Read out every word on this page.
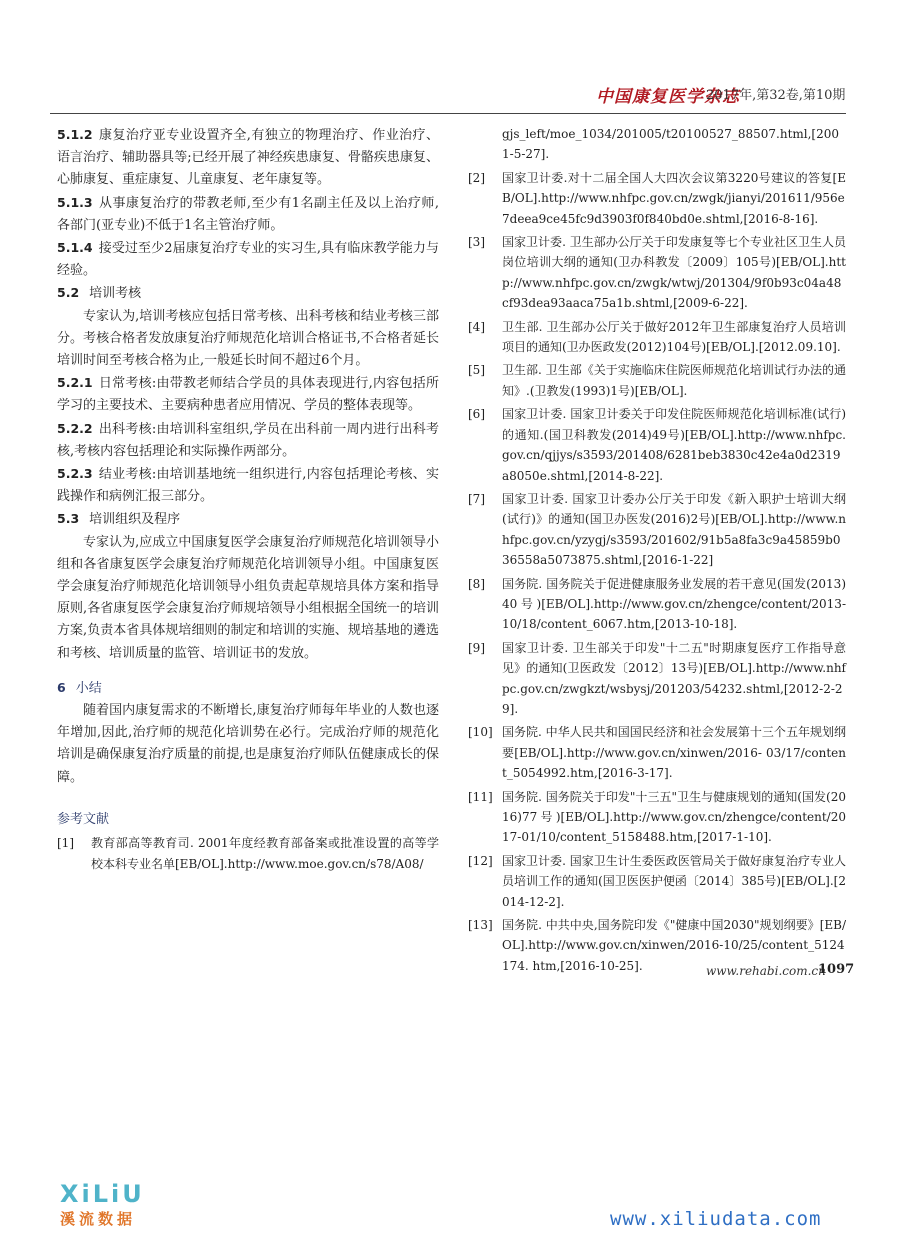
中国康复医学杂志
2017年,第32卷,第10期

5.1.2 康复治疗亚专业设置齐全,有独立的物理治疗、作业治疗、语言治疗、辅助器具等;已经开展了神经疾患康复、骨骼疾患康复、心肺康复、重症康复、儿童康复、老年康复等。

5.1.3 从事康复治疗的带教老师,至少有1名副主任及以上治疗师,各部门(亚专业)不低于1名主管治疗师。

5.1.4 接受过至少2届康复治疗专业的实习生,具有临床教学能力与经验。

5.2 培训考核

专家认为,培训考核应包括日常考核、出科考核和结业考核三部分。考核合格者发放康复治疗师规范化培训合格证书,不合格者延长培训时间至考核合格为止,一般延长时间不超过6个月。

5.2.1 日常考核:由带教老师结合学员的具体表现进行,内容包括所学习的主要技术、主要病种患者应用情况、学员的整体表现等。

5.2.2 出科考核:由培训科室组织,学员在出科前一周内进行出科考核,考核内容包括理论和实际操作两部分。

5.2.3 结业考核:由培训基地统一组织进行,内容包括理论考核、实践操作和病例汇报三部分。

5.3 培训组织及程序

专家认为,应成立中国康复医学会康复治疗师规范化培训领导小组和各省康复医学会康复治疗师规范化培训领导小组。中国康复医学会康复治疗师规范化培训领导小组负责起草规培具体方案和指导原则,各省康复医学会康复治疗师规培领导小组根据全国统一的培训方案,负责本省具体规培细则的制定和培训的实施、规培基地的遴选和考核、培训质量的监管、培训证书的发放。

6 小结

随着国内康复需求的不断增长,康复治疗师每年毕业的人数也逐年增加,因此,治疗师的规范化培训势在必行。完成治疗师的规范化培训是确保康复治疗质量的前提,也是康复治疗师队伍健康成长的保障。

参考文献

[1]	教育部高等教育司. 2001年度经教育部备案或批准设置的高等学校本科专业名单[EB/OL].http://www.moe.gov.cn/s78/A08/
gjs_left/moe_1034/201005/t20100527_88507.html,[2001-5-27].
[2]	国家卫计委.对十二届全国人大四次会议第3220号建议的答复[EB/OL].http://www.nhfpc.gov.cn/zwgk/jianyi/201611/956e7deea9ce45fc9d3903f0f840bd0e.shtml,[2016-8-16].
[3]	国家卫计委. 卫生部办公厅关于印发康复等七个专业社区卫生人员岗位培训大纲的通知(卫办科教发〔2009〕105号)[EB/OL].http://www.nhfpc.gov.cn/zwgk/wtwj/201304/9f0b93c04a48cf93dea93aaca75a1b.shtml,[2009-6-22].
[4]	卫生部. 卫生部办公厅关于做好2012年卫生部康复治疗人员培训项目的通知(卫办医政发(2012)104号)[EB/OL].[2012.09.10].
[5]	卫生部. 卫生部《关于实施临床住院医师规范化培训试行办法的通知》.(卫教发(1993)1号)[EB/OL].
[6]	国家卫计委. 国家卫计委关于印发住院医师规范化培训标准(试行)的通知.(国卫科教发(2014)49号)[EB/OL].http://www.nhfpc.gov.cn/qjjys/s3593/201408/6281beb3830c42e4a0d2319a8050e.shtml,[2014-8-22].
[7]	国家卫计委. 国家卫计委办公厅关于印发《新入职护士培训大纲(试行)》的通知(国卫办医发(2016)2号)[EB/OL].http://www.nhfpc.gov.cn/yzygj/s3593/201602/91b5a8fa3c9a45859b036558a5073875.shtml,[2016-1-22]
[8]	国务院. 国务院关于促进健康服务业发展的若干意见(国发(2013)40号)[EB/OL].http://www.gov.cn/zhengce/content/2013-10/18/content_6067.htm,[2013-10-18].
[9]	国家卫计委. 卫生部关于印发"十二五"时期康复医疗工作指导意见》的通知(卫医政发〔2012〕13号)[EB/OL].http://www.nhfpc.gov.cn/zwgkzt/wsbysj/201203/54232.shtml,[2012-2-29].
[10] 国务院. 中华人民共和国国民经济和社会发展第十三个五年规划纲要[EB/OL].http://www.gov.cn/xinwen/2016- 03/17/content_5054992.htm,[2016-3-17].
[11] 国务院. 国务院关于印发"十三五"卫生与健康规划的通知(国发(2016)77号)[EB/OL].http://www.gov.cn/zhengce/content/2017-01/10/content_5158488.htm,[2017-1-10].
[12] 国家卫计委. 国家卫生计生委医政医管局关于做好康复治疗专业人员培训工作的通知(国卫医医护便函〔2014〕385号)[EB/OL].[2014-12-2].
[13] 国务院. 中共中央,国务院印发《"健康中国2030"规划纲要》[EB/OL].http://www.gov.cn/xinwen/2016-10/25/content_5124174. htm,[2016-10-25].	www.rehabi.com.cn
1097
XiLiU
溪流数据	www.xiliudata.com
